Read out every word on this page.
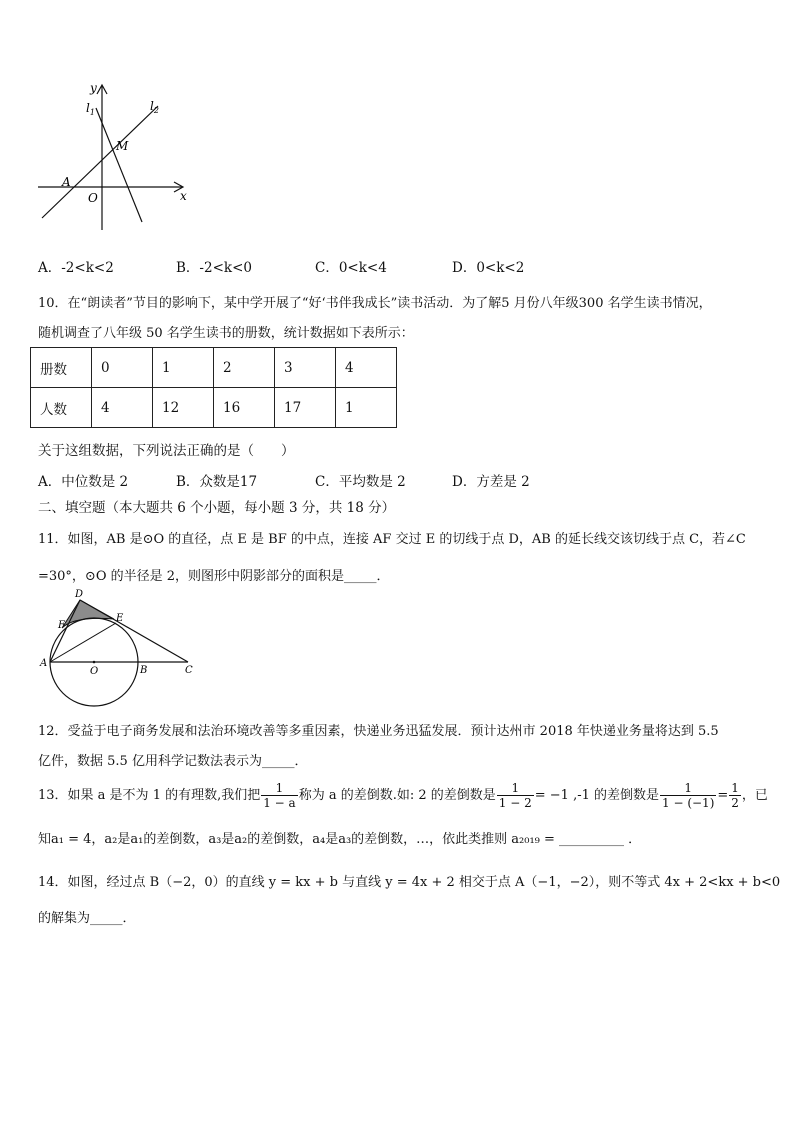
y
$l_1$	$l_2$
M
A
O	x
A．-2<k<2	B．-2<k<0	C．0<k<4	D．0<k<2
10．在“朗读者”节目的影响下，某中学开展了“好‘书伴我成长”读书活动．为了解5 月份八年级300 名学生读书情况，
随机调查了八年级 50 名学生读书的册数，统计数据如下表所示：
册数	0	1	2	3	4
人数	4	12	16	17	1
关于这组数据，下列说法正确的是（　　）
A．中位数是 2	B．众数是17	C．平均数是 2	D．方差是 2
二、填空题（本大题共 6 个小题，每小题 3 分，共 18 分）
11．如图，AB 是⊙O 的直径，点 E 是 BF 的中点，连接 AF 交过 E 的切线于点 D，AB 的延长线交该切线于点 C，若∠C
=30°，⊙O 的半径是 2，则图形中阴影部分的面积是_____．
D
E
F
A
O	B	C
12．受益于电子商务发展和法治环境改善等多重因素，快递业务迅猛发展．预计达州市 2018 年快递业务量将达到 5.5
亿件，数据 5.5 亿用科学记数法表示为_____．
13．如果 a 是不为 1 的有理数,我们把 $\frac{1}{1 - a}$ 称为 a 的差倒数.如: 2 的差倒数是 $\frac{1}{1 - 2} = -1$ ,-1 的差倒数是 $\frac{1}{1 - (-1)} = \frac{1}{2}$ ，已
知a₁ = 4，a₂是a₁的差倒数，a₃是a₂的差倒数，a₄是a₃的差倒数，…，依此类推则 a₂₀₁₉ = __________ ．
14．如图，经过点 B（−2，0）的直线 y = kx + b 与直线 y = 4x + 2 相交于点 A（−1，−2），则不等式 4x + 2<kx + b<0
的解集为_____．
